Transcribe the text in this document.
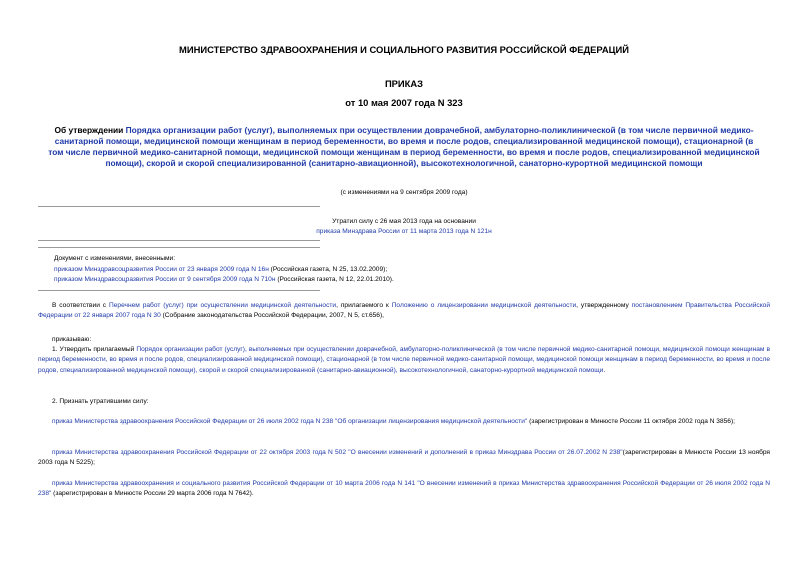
МИНИСТЕРСТВО ЗДРАВООХРАНЕНИЯ И СОЦИАЛЬНОГО РАЗВИТИЯ РОССИЙСКОЙ ФЕДЕРАЦИЙ
ПРИКАЗ
от 10 мая 2007 года N 323
Об утверждении Порядка организации работ (услуг), выполняемых при осуществлении доврачебной, амбулаторно-поликлинической (в том числе первичной медико-санитарной помощи, медицинской помощи женщинам в период беременности, во время и после родов, специализированной медицинской помощи), стационарной (в том числе первичной медико-санитарной помощи, медицинской помощи женщинам в период беременности, во время и после родов, специализированной медицинской помощи), скорой и скорой специализированной (санитарно-авиационной), высокотехнологичной, санаторно-курортной медицинской помощи
(с изменениями на 9 сентября 2009 года)
Утратил силу с 26 мая 2013 года на основании
приказа Минздрава России от 11 марта 2013 года N 121н
Документ с изменениями, внесенными:
приказом Минздравсоцразвития России от 23 января 2009 года N 16н (Российская газета, N 25, 13.02.2009);
приказом Минздравсоцразвития России от 9 сентября 2009 года N 710н (Российская газета, N 12, 22.01.2010).
В соответствии с Перечнем работ (услуг) при осуществлении медицинской деятельности, прилагаемого к Положению о лицензировании медицинской деятельности, утвержденному постановлением Правительства Российской Федерации от 22 января 2007 года N 30 (Собрание законодательства Российской Федерации, 2007, N 5, ст.656),
приказываю:
1. Утвердить прилагаемый Порядок организации работ (услуг), выполняемых при осуществлении доврачебной, амбулаторно-поликлинической (в том числе первичной медико-санитарной помощи, медицинской помощи женщинам в период беременности, во время и после родов, специализированной медицинской помощи), стационарной (в том числе первичной медико-санитарной помощи, медицинской помощи женщинам в период беременности, во время и после родов, специализированной медицинской помощи), скорой и скорой специализированной (санитарно-авиационной), высокотехнологичной, санаторно-курортной медицинской помощи.
2. Признать утратившими силу:
приказ Министерства здравоохранения Российской Федерации от 26 июля 2002 года N 238 "Об организации лицензирования медицинской деятельности" (зарегистрирован в Минюсте России 11 октября 2002 года N 3856);
приказ Министерства здравоохранения Российской Федерации от 22 октября 2003 года N 502 "О внесении изменений и дополнений в приказ Минздрава России от 26.07.2002 N 238"(зарегистрирован в Минюсте России 13 ноября 2003 года N 5225);
приказ Министерства здравоохранения и социального развития Российской Федерации от 10 марта 2006 года N 141 "О внесении изменений в приказ Министерства здравоохранения Российской Федерации от 26 июля 2002 года N 238" (зарегистрирован в Минюсте России 29 марта 2006 года N 7642).
